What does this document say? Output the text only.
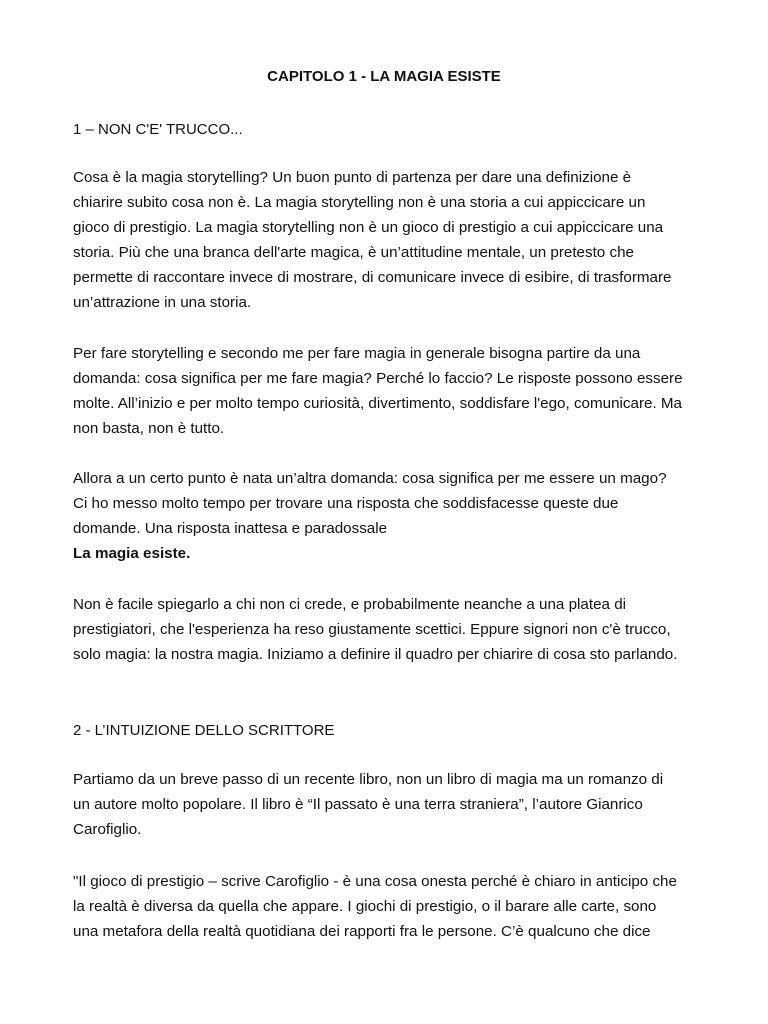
CAPITOLO 1 - LA MAGIA ESISTE
1 – NON C'E' TRUCCO...
Cosa è la magia storytelling? Un buon punto di partenza per dare una definizione è
chiarire subito cosa non è. La magia storytelling non è una storia a cui appiccicare un
gioco di prestigio. La magia storytelling non è un gioco di prestigio a cui appiccicare una
storia. Più che una branca dell'arte magica, è un’attitudine mentale, un pretesto che
permette di raccontare invece di mostrare, di comunicare invece di esibire, di trasformare
un’attrazione in una storia.
Per fare storytelling e secondo me per fare magia in generale bisogna partire da una
domanda: cosa significa per me fare magia? Perché lo faccio? Le risposte possono essere
molte. All’inizio e per molto tempo curiosità, divertimento, soddisfare l'ego, comunicare. Ma
non basta, non è tutto.
Allora a un certo punto è nata un’altra domanda: cosa significa per me essere un mago?
Ci ho messo molto tempo per trovare una risposta che soddisfacesse queste due
domande. Una risposta inattesa e paradossale
La magia esiste.
Non è facile spiegarlo a chi non ci crede, e probabilmente neanche a una platea di
prestigiatori, che l'esperienza ha reso giustamente scettici. Eppure signori non c'è trucco,
solo magia: la nostra magia. Iniziamo a definire il quadro per chiarire di cosa sto parlando.
2 - L’INTUIZIONE DELLO SCRITTORE
Partiamo da un breve passo di un recente libro, non un libro di magia ma un romanzo di
un autore molto popolare. Il libro è “Il passato è una terra straniera”, l’autore Gianrico
Carofiglio.
"Il gioco di prestigio – scrive Carofiglio - è una cosa onesta perché è chiaro in anticipo che
la realtà è diversa da quella che appare. I giochi di prestigio, o il barare alle carte, sono
una metafora della realtà quotidiana dei rapporti fra le persone. C’è qualcuno che dice
